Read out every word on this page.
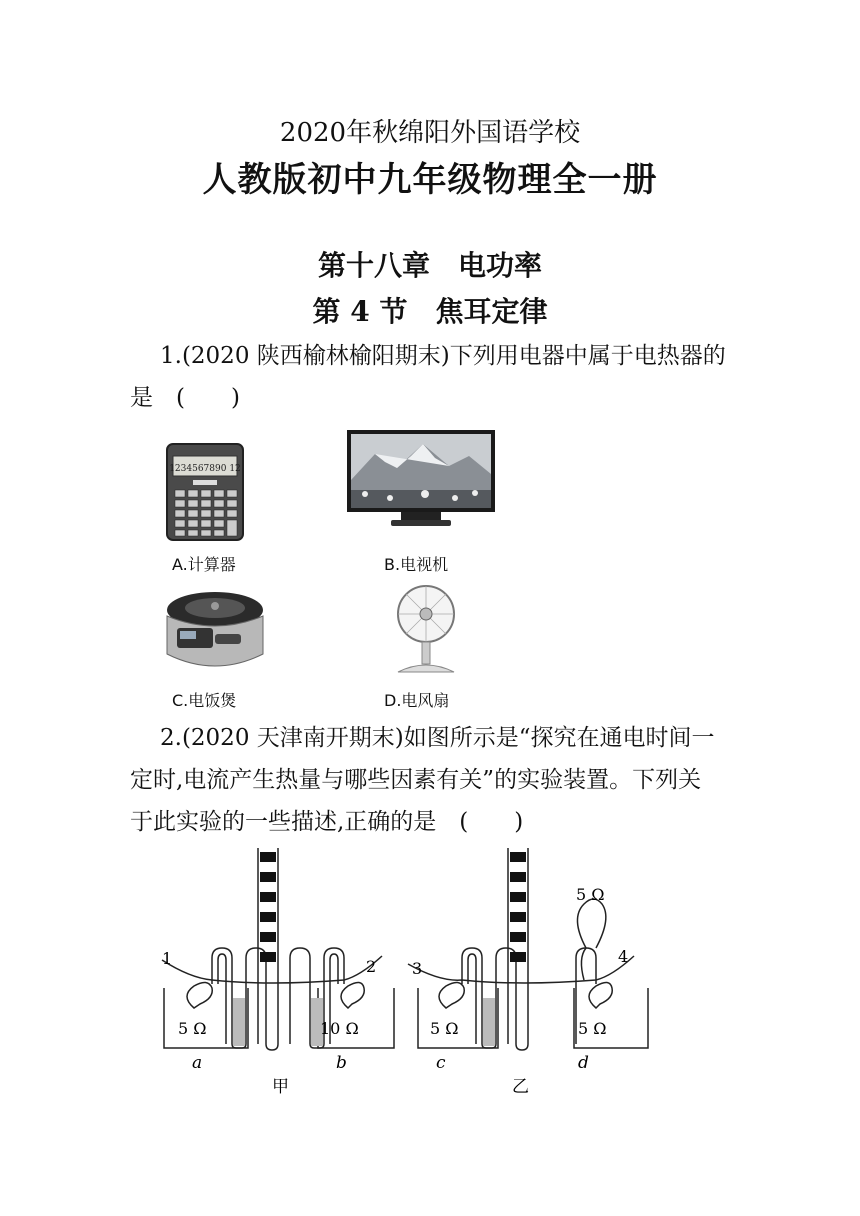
2020年秋绵阳外国语学校
人教版初中九年级物理全一册
第十八章　电功率
第 4 节　焦耳定律
1.(2020 陕西榆林榆阳期末)下列用电器中属于电热器的
是　(　　)
1234567890 12
A.计算器	B.电视机
C.电饭煲	D.电风扇
2.(2020 天津南开期末)如图所示是“探究在通电时间一
定时,电流产生热量与哪些因素有关”的实验装置。下列关
于此实验的一些描述,正确的是　(　　)
1	2
5 Ω	10 Ω
a	b
甲
3
4
5 Ω	5 Ω
5 Ω
c	d
乙
